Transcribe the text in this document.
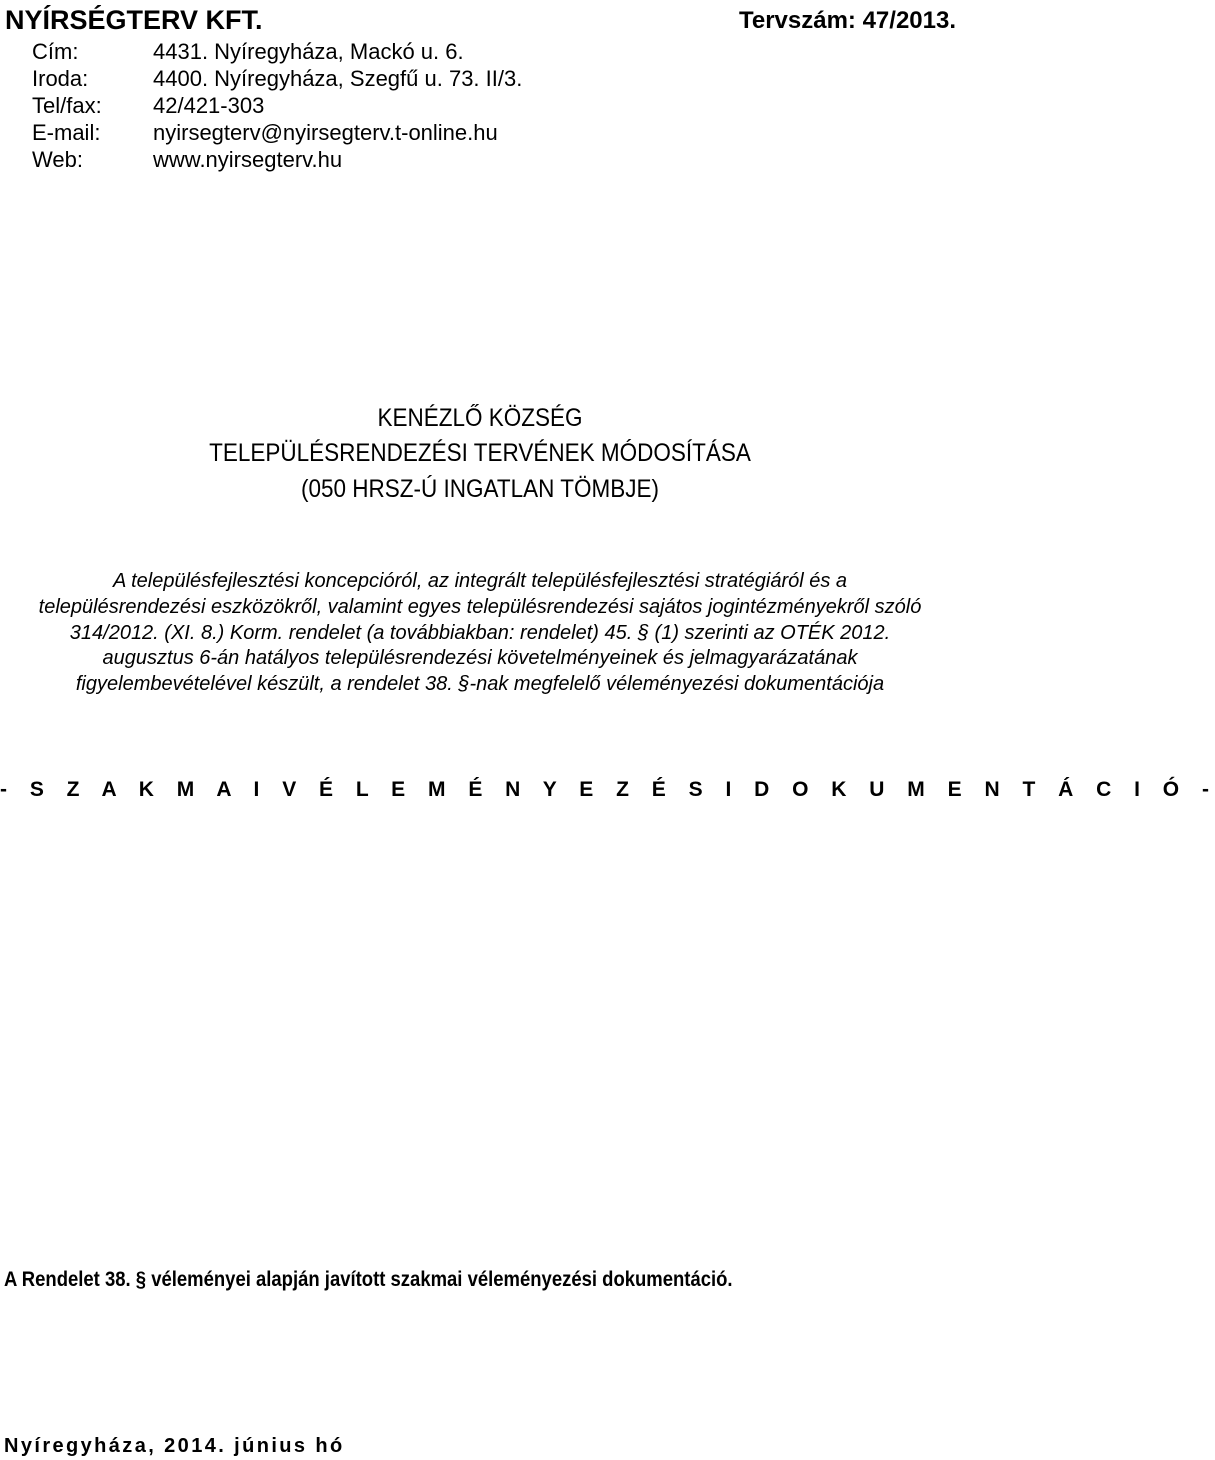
NYÍRSÉGTERV KFT.	Tervszám: 47/2013.
Cím:	4431. Nyíregyháza, Mackó u. 6.
Iroda:	4400. Nyíregyháza, Szegfű u. 73. II/3.
Tel/fax: 42/421-303
E-mail: nyirsegterv@nyirsegterv.t-online.hu
Web:	www.nyirsegterv.hu
KENÉZLŐ KÖZSÉG
TELEPÜLÉSRENDEZÉSI TERVÉNEK MÓDOSÍTÁSA
(050 HRSZ-Ú INGATLAN TÖMBJE)
A településfejlesztési koncepcióról, az integrált településfejlesztési stratégiáról és a
településrendezési eszközökről, valamint egyes településrendezési sajátos jogintézményekről szóló
314/2012. (XI. 8.) Korm. rendelet (a továbbiakban: rendelet) 45. § (1) szerinti az OTÉK 2012.
augusztus 6-án hatályos településrendezési követelményeinek és jelmagyarázatának
figyelembevételével készült, a rendelet 38. §-nak megfelelő véleményezési dokumentációja
- S Z A K M A I V É L E M É N Y E Z É S I D O K U M E N T Á C I Ó -
A Rendelet 38. § véleményei alapján javított szakmai véleményezési dokumentáció.
Nyíregyháza, 2014. június hó
